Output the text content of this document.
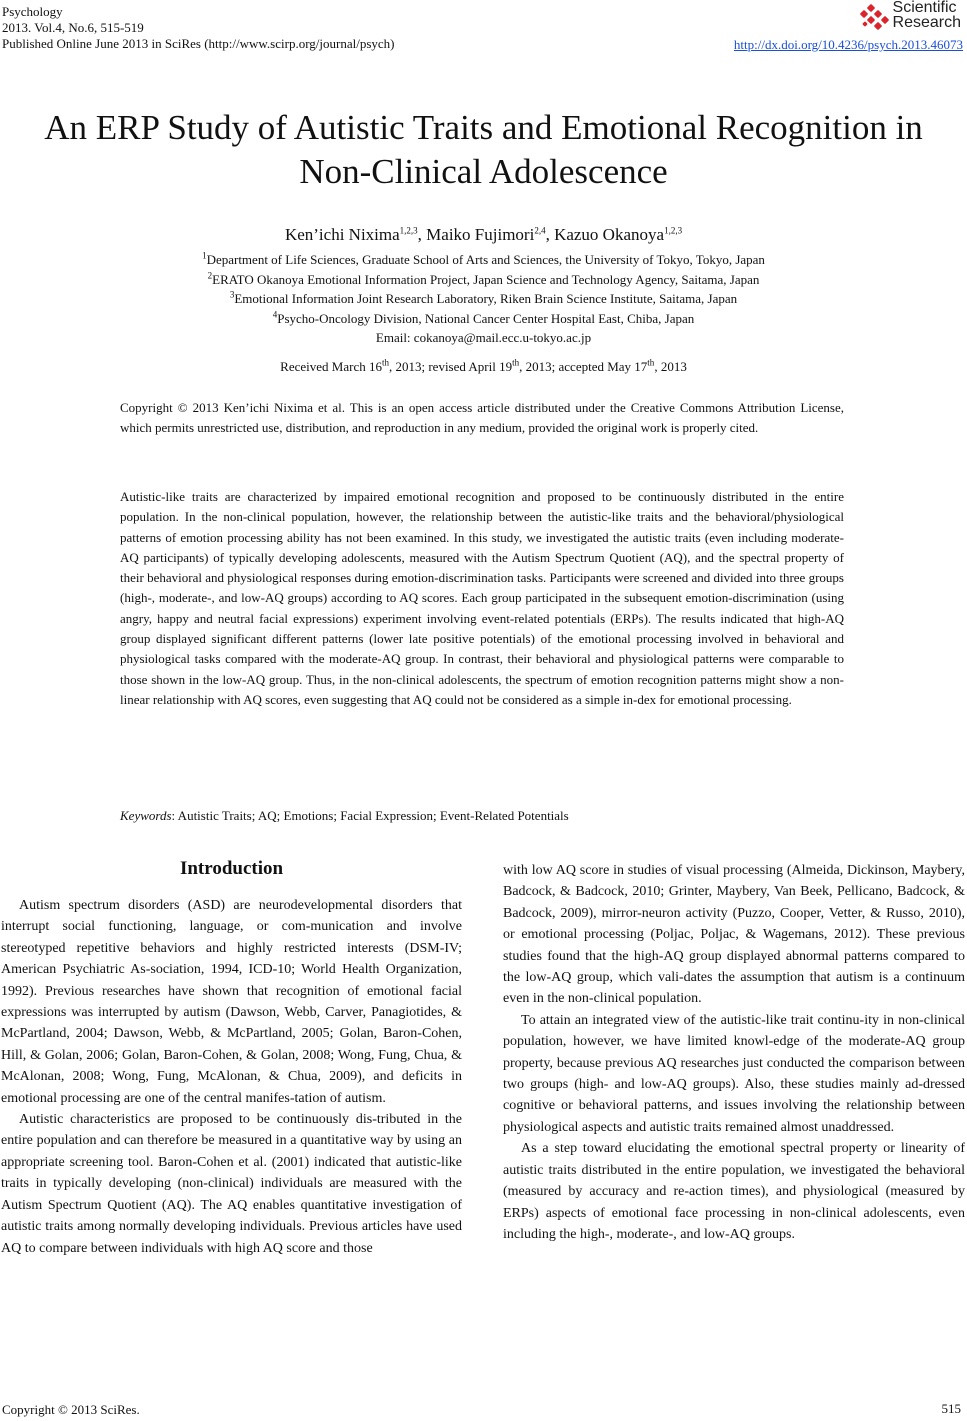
Psychology
2013. Vol.4, No.6, 515-519
Published Online June 2013 in SciRes (http://www.scirp.org/journal/psych)	http://dx.doi.org/10.4236/psych.2013.46073
Scientific
Research
An ERP Study of Autistic Traits and Emotional Recognition in
Non-Clinical Adolescence
Ken’ichi Nixima$^{1,2,3}$, Maiko Fujimori$^{2,4}$, Kazuo Okanoya$^{1,2,3}$
$^1$Department of Life Sciences, Graduate School of Arts and Sciences, the University of Tokyo, Tokyo, Japan
$^2$ERATO Okanoya Emotional Information Project, Japan Science and Technology Agency, Saitama, Japan
$^3$Emotional Information Joint Research Laboratory, Riken Brain Science Institute, Saitama, Japan
$^4$Psycho-Oncology Division, National Cancer Center Hospital East, Chiba, Japan
Email: cokanoya@mail.ecc.u-tokyo.ac.jp
Received March 16th, 2013; revised April 19th, 2013; accepted May 17th, 2013
Copyright © 2013 Ken’ichi Nixima et al. This is an open access article distributed under the Creative Commons Attribution License, which permits unrestricted use, distribution, and reproduction in any medium, provided the original work is properly cited.
Autistic-like traits are characterized by impaired emotional recognition and proposed to be continuously distributed in the entire population. In the non-clinical population, however, the relationship between the autistic-like traits and the behavioral/physiological patterns of emotion processing ability has not been examined. In this study, we investigated the autistic traits (even including moderate-AQ participants) of typically developing adolescents, measured with the Autism Spectrum Quotient (AQ), and the spectral property of their behavioral and physiological responses during emotion-discrimination tasks. Participants were screened and divided into three groups (high-, moderate-, and low-AQ groups) according to AQ scores. Each group participated in the subsequent emotion-discrimination (using angry, happy and neutral facial expressions) experiment involving event-related potentials (ERPs). The results indicated that high-AQ group displayed significant different patterns (lower late positive potentials) of the emotional processing involved in behavioral and physiological tasks compared with the moderate-AQ group. In contrast, their behavioral and physiological patterns were comparable to those shown in the low-AQ group. Thus, in the non-clinical adolescents, the spectrum of emotion recognition patterns might show a non-linear relationship with AQ scores, even suggesting that AQ could not be considered as a simple in-dex for emotional processing.
Keywords: Autistic Traits; AQ; Emotions; Facial Expression; Event-Related Potentials
Introduction

Autism spectrum disorders (ASD) are neurodevelopmental disorders that interrupt social functioning, language, or com-munication and involve stereotyped repetitive behaviors and highly restricted interests (DSM-IV; American Psychiatric As-sociation, 1994, ICD-10; World Health Organization, 1992). Previous researches have shown that recognition of emotional facial expressions was interrupted by autism (Dawson, Webb, Carver, Panagiotides, & McPartland, 2004; Dawson, Webb, & McPartland, 2005; Golan, Baron-Cohen, Hill, & Golan, 2006; Golan, Baron-Cohen, & Golan, 2008; Wong, Fung, Chua, & McAlonan, 2008; Wong, Fung, McAlonan, & Chua, 2009), and deficits in emotional processing are one of the central manifes-tation of autism.

Autistic characteristics are proposed to be continuously dis-tributed in the entire population and can therefore be measured in a quantitative way by using an appropriate screening tool. Baron-Cohen et al. (2001) indicated that autistic-like traits in typically developing (non-clinical) individuals are measured with the Autism Spectrum Quotient (AQ). The AQ enables quantitative investigation of autistic traits among normally developing individuals. Previous articles have used AQ to compare between individuals with high AQ score and those

with low AQ score in studies of visual processing (Almeida, Dickinson, Maybery, Badcock, & Badcock, 2010; Grinter, Maybery, Van Beek, Pellicano, Badcock, & Badcock, 2009), mirror-neuron activity (Puzzo, Cooper, Vetter, & Russo, 2010), or emotional processing (Poljac, Poljac, & Wagemans, 2012). These previous studies found that the high-AQ group displayed abnormal patterns compared to the low-AQ group, which vali-dates the assumption that autism is a continuum even in the non-clinical population.

To attain an integrated view of the autistic-like trait continu-ity in non-clinical population, however, we have limited knowl-edge of the moderate-AQ group property, because previous AQ researches just conducted the comparison between two groups (high- and low-AQ groups). Also, these studies mainly ad-dressed cognitive or behavioral patterns, and issues involving the relationship between physiological aspects and autistic traits remained almost unaddressed.

As a step toward elucidating the emotional spectral property or linearity of autistic traits distributed in the entire population, we investigated the behavioral (measured by accuracy and re-action times), and physiological (measured by ERPs) aspects of emotional face processing in non-clinical adolescents, even including the high-, moderate-, and low-AQ groups.

Copyright © 2013 SciRes.	515
